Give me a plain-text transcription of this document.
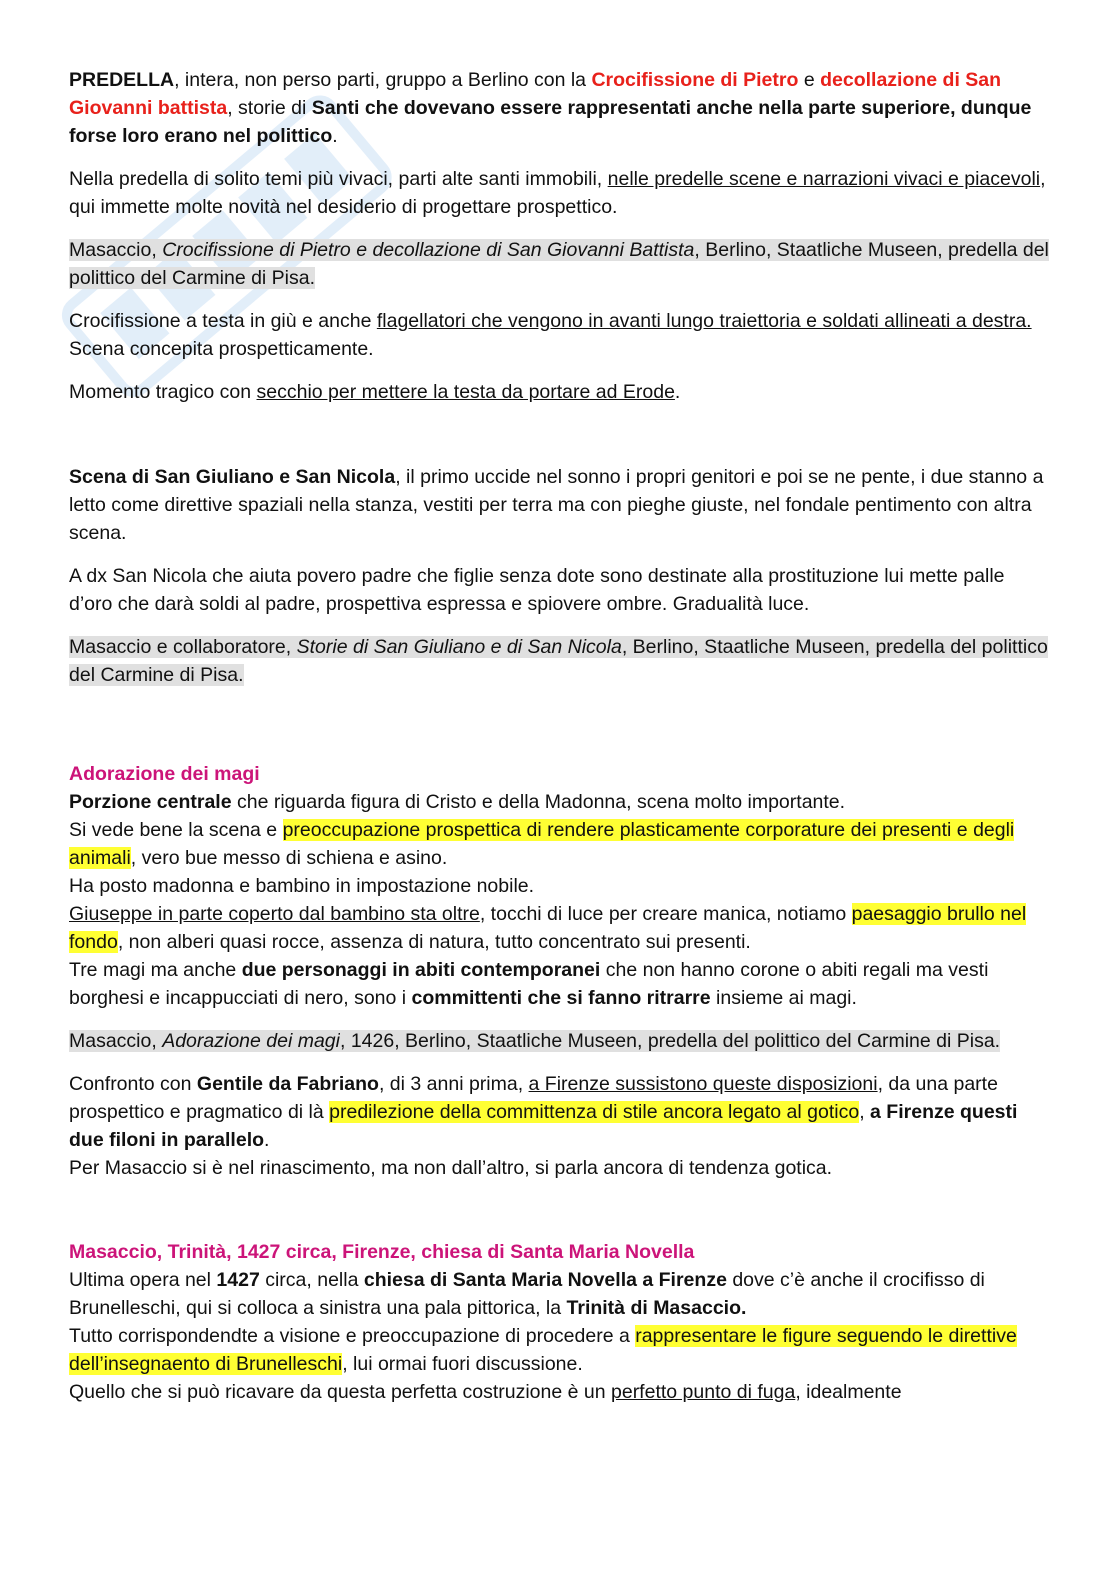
PREDELLA, intera, non perso parti, gruppo a Berlino con la Crocifissione di Pietro e decollazione di San Giovanni battista, storie di Santi che dovevano essere rappresentati anche nella parte superiore, dunque forse loro erano nel polittico.

Nella predella di solito temi più vivaci, parti alte santi immobili, nelle predelle scene e narrazioni vivaci e piacevoli, qui immette molte novità nel desiderio di progettare prospettico.

Masaccio, Crocifissione di Pietro e decollazione di San Giovanni Battista, Berlino, Staatliche Museen, predella del polittico del Carmine di Pisa.

Crocifissione a testa in giù e anche flagellatori che vengono in avanti lungo traiettoria e soldati allineati a destra. Scena concepita prospetticamente.

Momento tragico con secchio per mettere la testa da portare ad Erode.

Scena di San Giuliano e San Nicola, il primo uccide nel sonno i propri genitori e poi se ne pente, i due stanno a letto come direttive spaziali nella stanza, vestiti per terra ma con pieghe giuste, nel fondale pentimento con altra scena.

A dx San Nicola che aiuta povero padre che figlie senza dote sono destinate alla prostituzione lui mette palle d’oro che darà soldi al padre, prospettiva espressa e spiovere ombre. Gradualità luce.

Masaccio e collaboratore, Storie di San Giuliano e di San Nicola, Berlino, Staatliche Museen, predella del polittico del Carmine di Pisa.

Adorazione dei magi

Porzione centrale che riguarda figura di Cristo e della Madonna, scena molto importante.

Si vede bene la scena e preoccupazione prospettica di rendere plasticamente corporature dei presenti e degli animali, vero bue messo di schiena e asino.

Ha posto madonna e bambino in impostazione nobile.

Giuseppe in parte coperto dal bambino sta oltre, tocchi di luce per creare manica, notiamo paesaggio brullo nel fondo, non alberi quasi rocce, assenza di natura, tutto concentrato sui presenti.

Tre magi ma anche due personaggi in abiti contemporanei che non hanno corone o abiti regali ma vesti borghesi e incappucciati di nero, sono i committenti che si fanno ritrarre insieme ai magi.

Masaccio, Adorazione dei magi, 1426, Berlino, Staatliche Museen, predella del polittico del Carmine di Pisa.

Confronto con Gentile da Fabriano, di 3 anni prima, a Firenze sussistono queste disposizioni, da una parte prospettico e pragmatico di là predilezione della committenza di stile ancora legato al gotico, a Firenze questi due filoni in parallelo.

Per Masaccio si è nel rinascimento, ma non dall’altro, si parla ancora di tendenza gotica.

Masaccio, Trinità, 1427 circa, Firenze, chiesa di Santa Maria Novella

Ultima opera nel 1427 circa, nella chiesa di Santa Maria Novella a Firenze dove c’è anche il crocifisso di Brunelleschi, qui si colloca a sinistra una pala pittorica, la Trinità di Masaccio.

Tutto corrispondendte a visione e preoccupazione di procedere a rappresentare le figure seguendo le direttive dell’insegnaento di Brunelleschi, lui ormai fuori discussione.

Quello che si può ricavare da questa perfetta costruzione è un perfetto punto di fuga, idealmente
